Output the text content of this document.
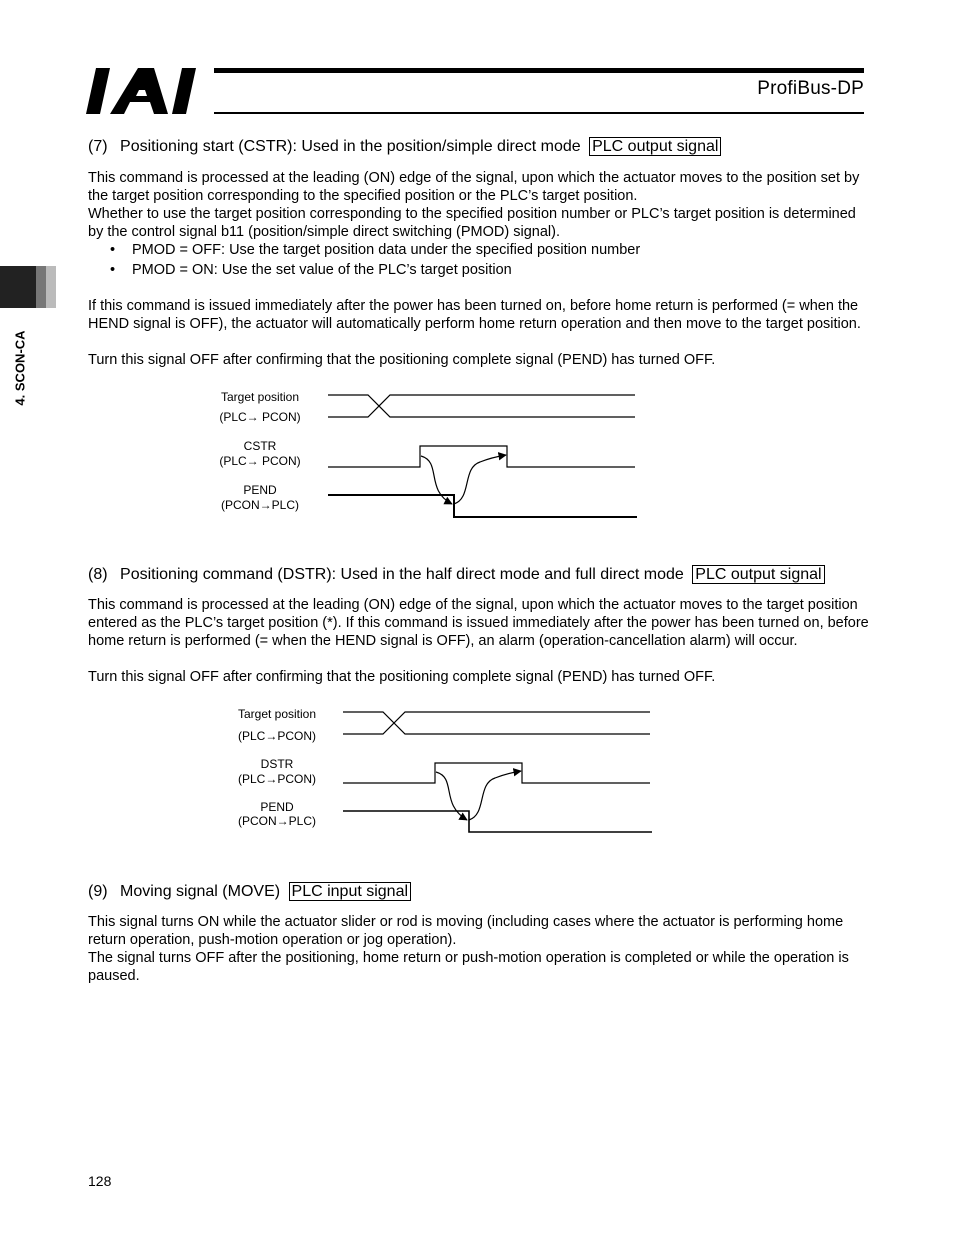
ProfiBus-DP
4. SCON-CA
(7) Positioning start (CSTR): Used in the position/simple direct mode PLC output signal

This command is processed at the leading (ON) edge of the signal, upon which the actuator moves to the position set by the target position corresponding to the specified position or the PLC’s target position.

Whether to use the target position corresponding to the specified position number or PLC’s target position is determined by the control signal b11 (position/simple direct switching (PMOD) signal).

• PMOD = OFF: Use the target position data under the specified position number
• PMOD = ON: Use the set value of the PLC’s target position

If this command is issued immediately after the power has been turned on, before home return is performed (= when the HEND signal is OFF), the actuator will automatically perform home return operation and then move to the target position.

Turn this signal OFF after confirming that the positioning complete signal (PEND) has turned OFF.

Target position
(PLC→ PCON)
CSTR
(PLC→ PCON)
PEND
(PCON→PLC)
(8) Positioning command (DSTR): Used in the half direct mode and full direct mode PLC output signal

This command is processed at the leading (ON) edge of the signal, upon which the actuator moves to the target position entered as the PLC’s target position (*). If this command is issued immediately after the power has been turned on, before home return is performed (= when the HEND signal is OFF), an alarm (operation-cancellation alarm) will occur.

Turn this signal OFF after confirming that the positioning complete signal (PEND) has turned OFF.

Target position
(PLC→PCON)
DSTR
(PLC→PCON)
PEND
(PCON→PLC)
(9) Moving signal (MOVE) PLC input signal

This signal turns ON while the actuator slider or rod is moving (including cases where the actuator is performing home return operation, push-motion operation or jog operation).

The signal turns OFF after the positioning, home return or push-motion operation is completed or while the operation is paused.

128
